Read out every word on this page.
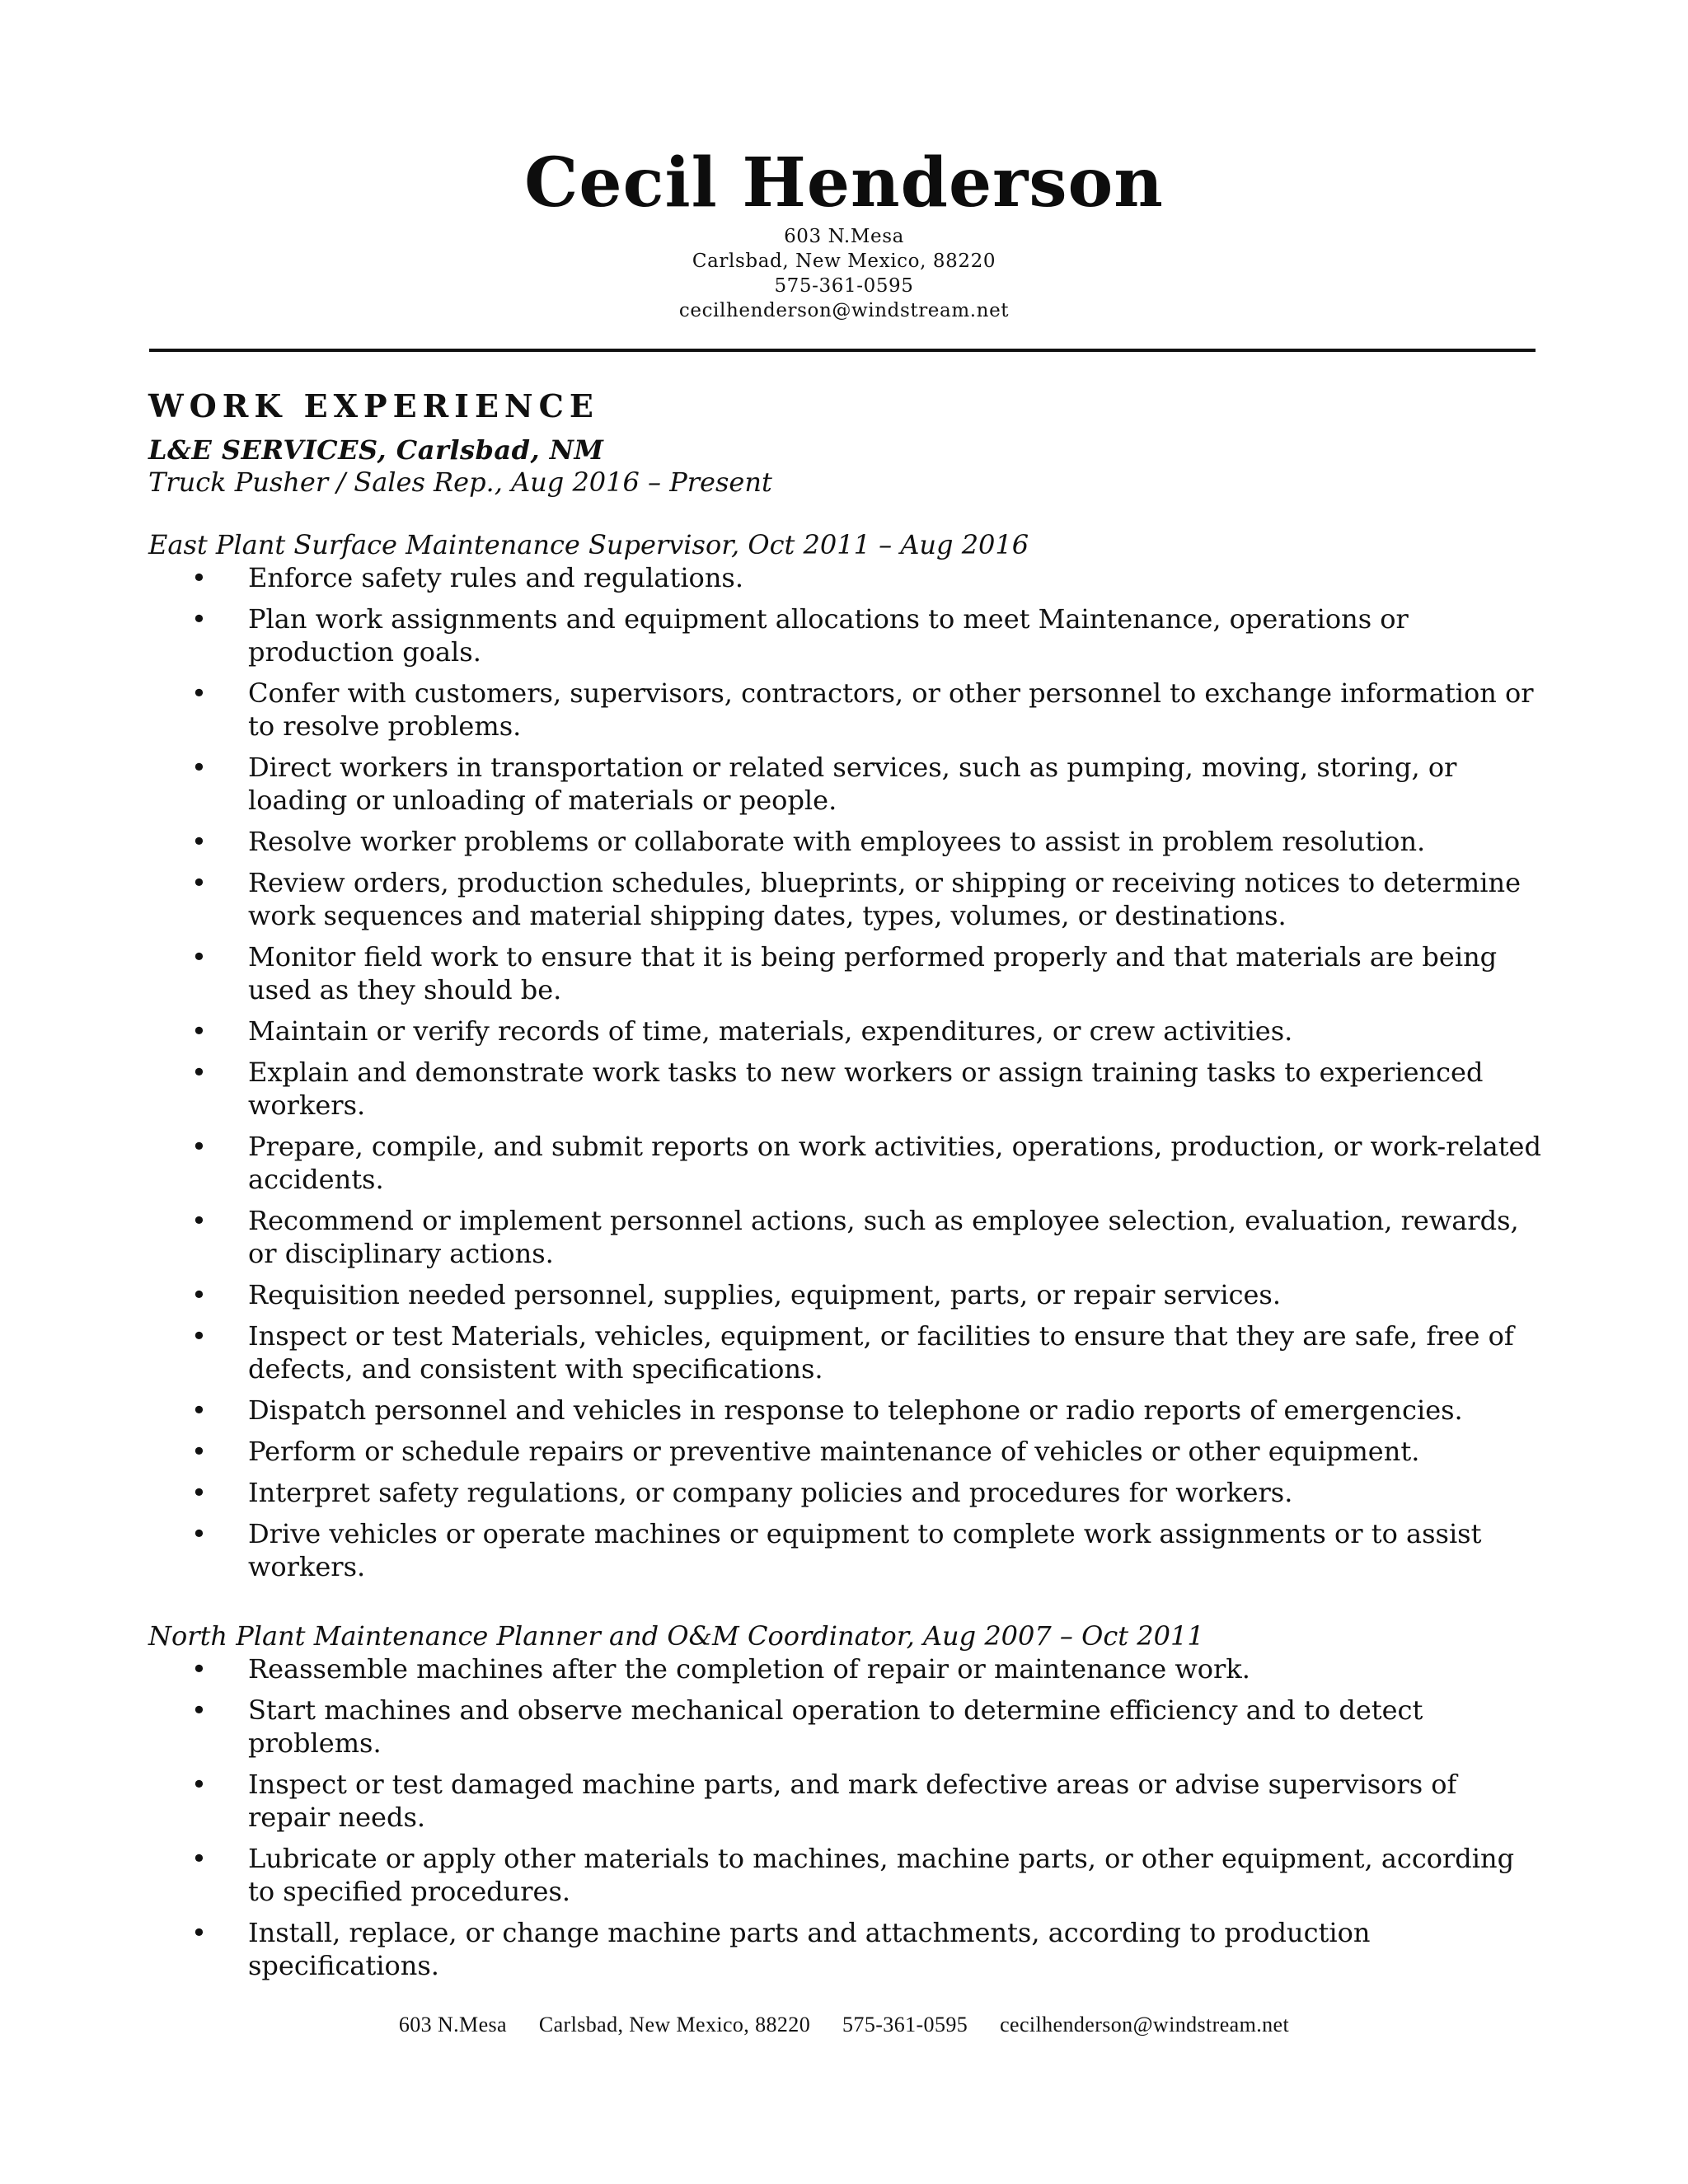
Cecil Henderson

603 N.Mesa

Carlsbad, New Mexico, 88220

575-361-0595

cecilhenderson@windstream.net

WORK EXPERIENCE

L&E SERVICES, Carlsbad, NM

Truck Pusher / Sales Rep., Aug 2016 – Present

East Plant Surface Maintenance Supervisor, Oct 2011 – Aug 2016

• Enforce safety rules and regulations.
• Plan work assignments and equipment allocations to meet Maintenance, operations or production goals.
• Confer with customers, supervisors, contractors, or other personnel to exchange information or to resolve problems.
• Direct workers in transportation or related services, such as pumping, moving, storing, or loading or unloading of materials or people.
• Resolve worker problems or collaborate with employees to assist in problem resolution.
• Review orders, production schedules, blueprints, or shipping or receiving notices to determine work sequences and material shipping dates, types, volumes, or destinations.
• Monitor field work to ensure that it is being performed properly and that materials are being used as they should be.
• Maintain or verify records of time, materials, expenditures, or crew activities.
• Explain and demonstrate work tasks to new workers or assign training tasks to experienced workers.
• Prepare, compile, and submit reports on work activities, operations, production, or work-related accidents.
• Recommend or implement personnel actions, such as employee selection, evaluation, rewards, or disciplinary actions.
• Requisition needed personnel, supplies, equipment, parts, or repair services.
• Inspect or test Materials, vehicles, equipment, or facilities to ensure that they are safe, free of defects, and consistent with specifications.
• Dispatch personnel and vehicles in response to telephone or radio reports of emergencies.
• Perform or schedule repairs or preventive maintenance of vehicles or other equipment.
• Interpret safety regulations, or company policies and procedures for workers.
• Drive vehicles or operate machines or equipment to complete work assignments or to assist workers.

North Plant Maintenance Planner and O&M Coordinator, Aug 2007 – Oct 2011

• Reassemble machines after the completion of repair or maintenance work.
• Start machines and observe mechanical operation to determine efficiency and to detect problems.
• Inspect or test damaged machine parts, and mark defective areas or advise supervisors of repair needs.
• Lubricate or apply other materials to machines, machine parts, or other equipment, according to specified procedures.
• Install, replace, or change machine parts and attachments, according to production specifications.
603 N.Mesa Carlsbad, New Mexico, 88220 575-361-0595 cecilhenderson@windstream.net
